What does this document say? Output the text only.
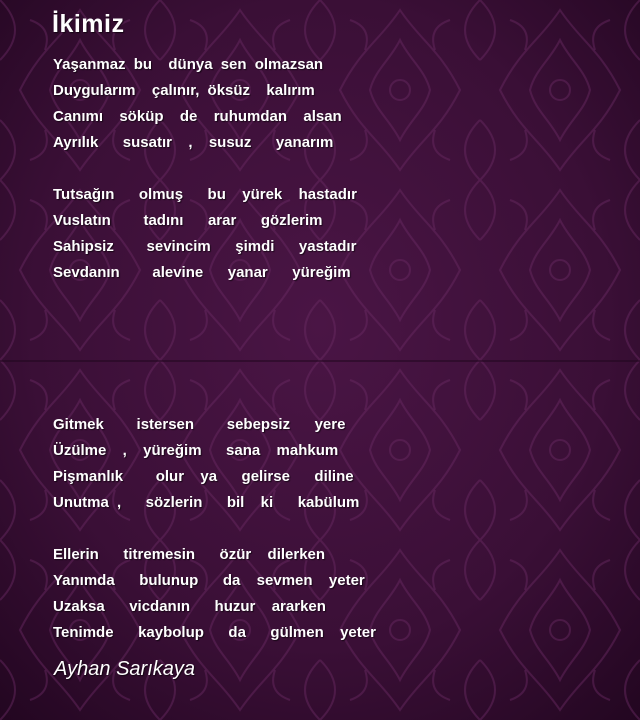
İkimiz
Yaşanmaz bu  dünya sen olmazsan
Duygularım  çalınır, öksüz  kalırım
Canımı  söküp  de  ruhumdan  alsan
Ayrılık   susatır  ,  susuz   yanarım
Tutsağın   olmuş   bu  yürek  hastadır
Vuslatın    tadını   arar   gözlerim
Sahipsiz    sevincim   şimdi   yastadır
Sevdanın    alevine   yanar   yüreğim
Gitmek    istersen    sebepsiz   yere
Üzülme  ,  yüreğim   sana  mahkum
Pişmanlık    olur  ya   gelirse   diline
Unutma ,   sözlerin   bil  ki   kabülum
Ellerin   titremesin   özür  dilerken
Yanımda   bulunup   da  sevmen  yeter
Uzaksa   vicdanın   huzur  ararken
Tenimde   kaybolup   da   gülmen  yeter
Ayhan Sarıkaya
